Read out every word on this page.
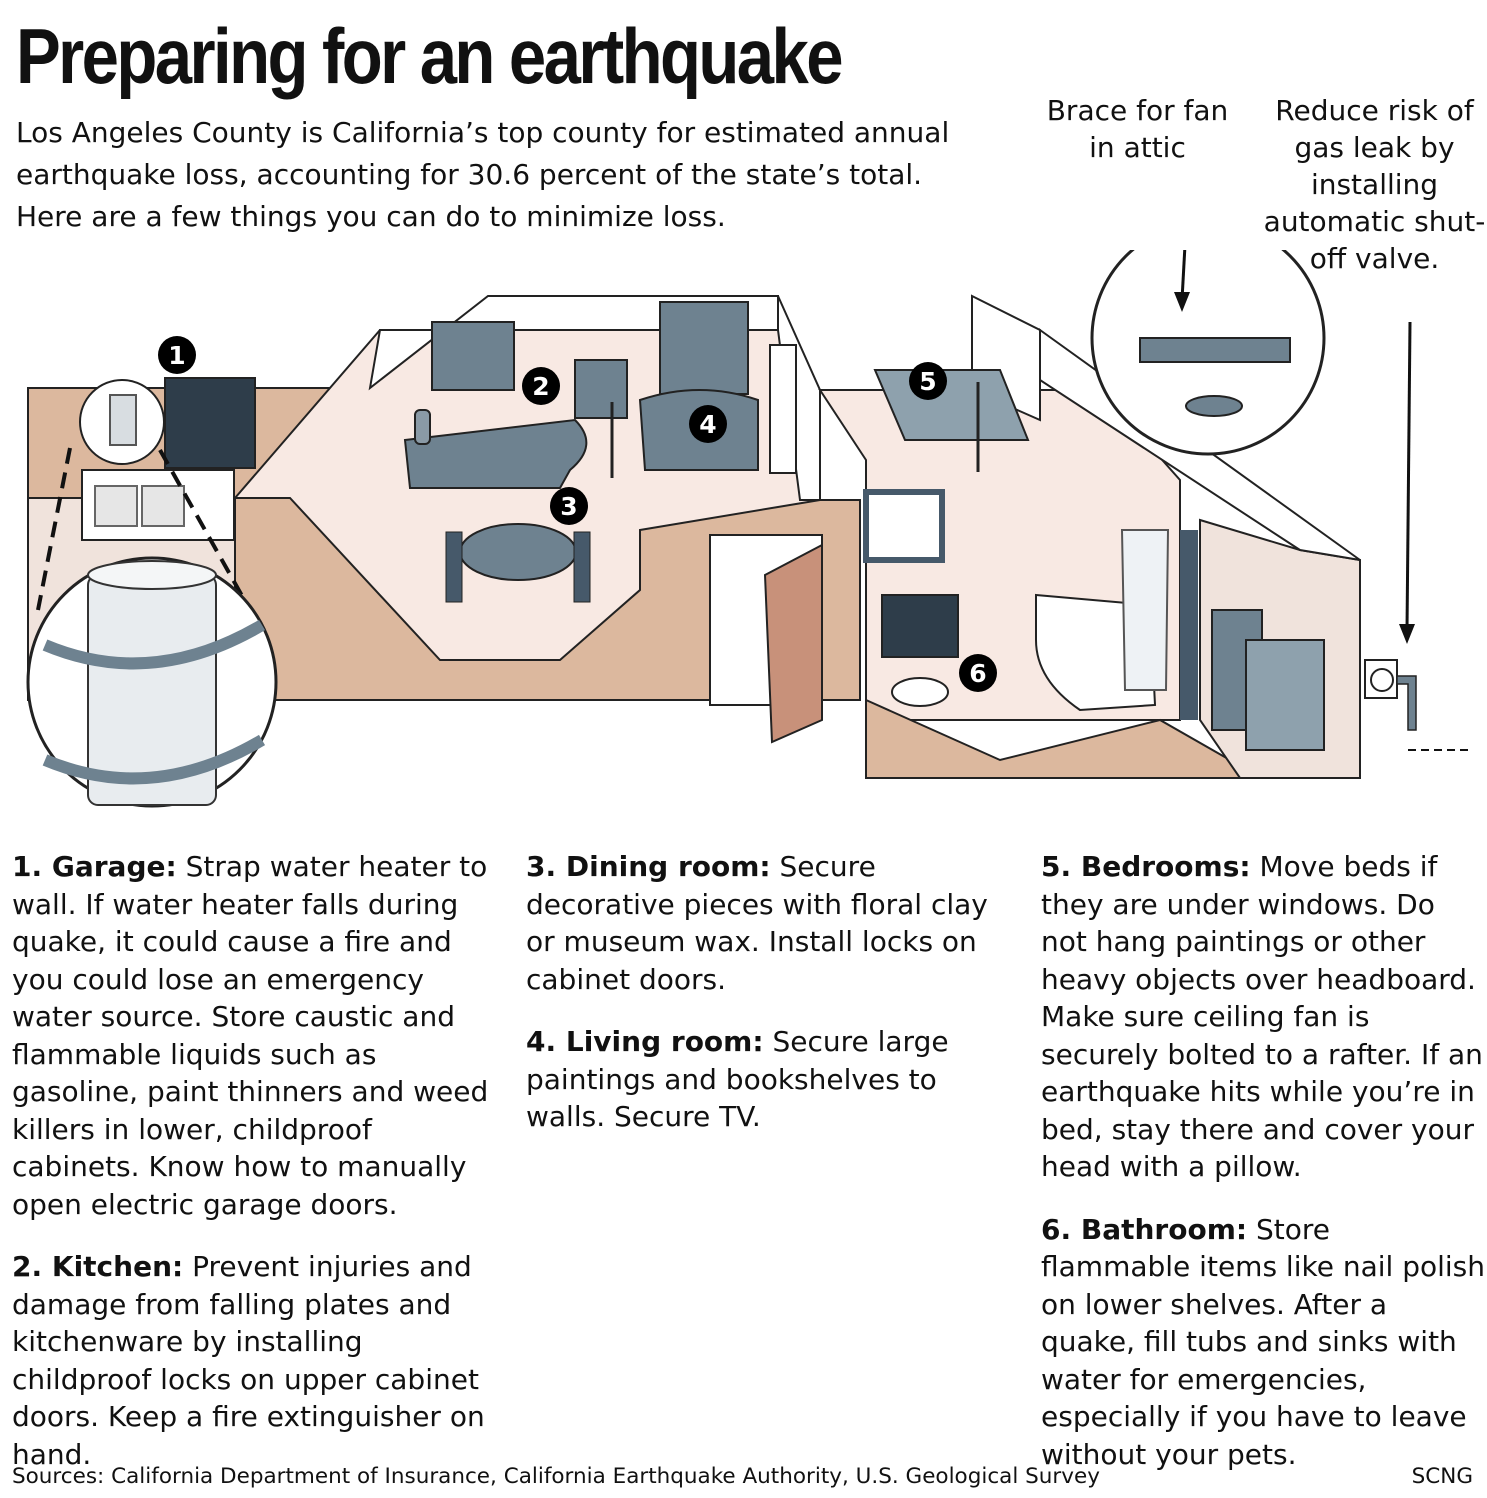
Preparing for an earthquake

Los Angeles County is California’s top county for estimated annual earthquake loss, accounting for 30.6 percent of the state’s total. Here are a few things you can do to minimize loss.

Brace for fan in attic

Reduce risk of gas leak by installing automatic shut-off valve.

1
2
3
4
5
6

1. Garage: Strap water heater to wall. If water heater falls during quake, it could cause a fire and you could lose an emergency water source. Store caustic and flammable liquids such as gasoline, paint thinners and weed killers in lower, childproof cabinets. Know how to manually open electric garage doors.

2. Kitchen: Prevent injuries and damage from falling plates and kitchenware by installing childproof locks on upper cabinet doors. Keep a fire extinguisher on hand.

3. Dining room: Secure decorative pieces with floral clay or museum wax. Install locks on cabinet doors.

4. Living room: Secure large paintings and bookshelves to walls. Secure TV.

5. Bedrooms: Move beds if they are under windows. Do not hang paintings or other heavy objects over headboard. Make sure ceiling fan is securely bolted to a rafter. If an earthquake hits while you’re in bed, stay there and cover your head with a pillow.

6. Bathroom: Store flammable items like nail polish on lower shelves. After a quake, fill tubs and sinks with water for emergencies, especially if you have to leave without your pets.

Sources: California Department of Insurance, California Earthquake Authority, U.S. Geological Survey	SCNG
